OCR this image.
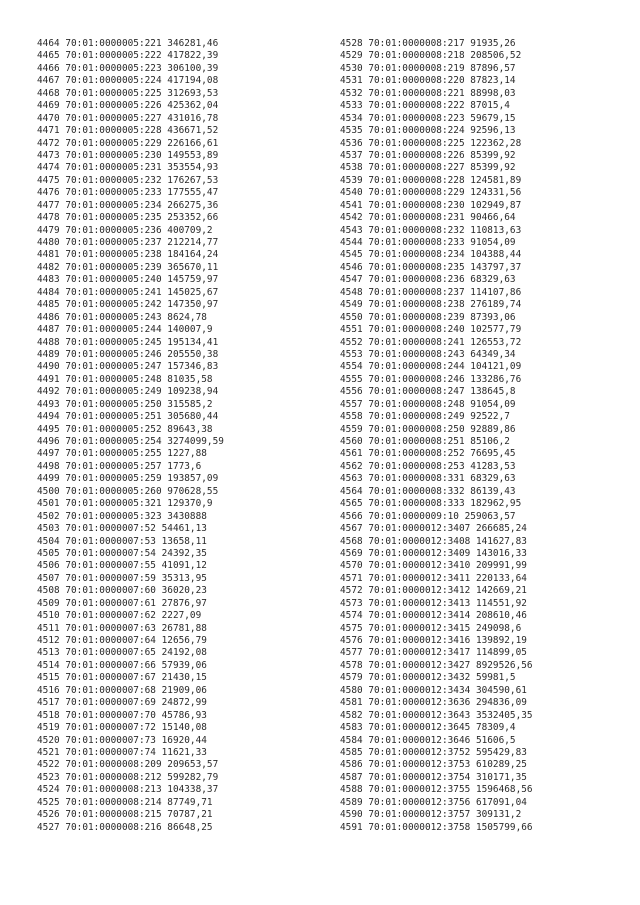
4464 70:01:0000005:221 346281,46
4465 70:01:0000005:222 417822,39
4466 70:01:0000005:223 306100,39
4467 70:01:0000005:224 417194,08
4468 70:01:0000005:225 312693,53
4469 70:01:0000005:226 425362,04
4470 70:01:0000005:227 431016,78
4471 70:01:0000005:228 436671,52
4472 70:01:0000005:229 226166,61
4473 70:01:0000005:230 149553,89
4474 70:01:0000005:231 353554,93
4475 70:01:0000005:232 176267,53
4476 70:01:0000005:233 177555,47
4477 70:01:0000005:234 266275,36
4478 70:01:0000005:235 253352,66
4479 70:01:0000005:236 400709,2
4480 70:01:0000005:237 212214,77
4481 70:01:0000005:238 184164,24
4482 70:01:0000005:239 365670,11
4483 70:01:0000005:240 145759,97
4484 70:01:0000005:241 145025,67
4485 70:01:0000005:242 147350,97
4486 70:01:0000005:243 8624,78
4487 70:01:0000005:244 140007,9
4488 70:01:0000005:245 195134,41
4489 70:01:0000005:246 205550,38
4490 70:01:0000005:247 157346,83
4491 70:01:0000005:248 81035,58
4492 70:01:0000005:249 109238,94
4493 70:01:0000005:250 315585,2
4494 70:01:0000005:251 305680,44
4495 70:01:0000005:252 89643,38
4496 70:01:0000005:254 3274099,59
4497 70:01:0000005:255 1227,88
4498 70:01:0000005:257 1773,6
4499 70:01:0000005:259 193857,09
4500 70:01:0000005:260 970628,55
4501 70:01:0000005:321 129370,9
4502 70:01:0000005:323 3430888
4503 70:01:0000007:52 54461,13
4504 70:01:0000007:53 13658,11
4505 70:01:0000007:54 24392,35
4506 70:01:0000007:55 41091,12
4507 70:01:0000007:59 35313,95
4508 70:01:0000007:60 36020,23
4509 70:01:0000007:61 27876,97
4510 70:01:0000007:62 2227,09
4511 70:01:0000007:63 26781,88
4512 70:01:0000007:64 12656,79
4513 70:01:0000007:65 24192,08
4514 70:01:0000007:66 57939,06
4515 70:01:0000007:67 21430,15
4516 70:01:0000007:68 21909,06
4517 70:01:0000007:69 24872,99
4518 70:01:0000007:70 45786,93
4519 70:01:0000007:72 15140,08
4520 70:01:0000007:73 16920,44
4521 70:01:0000007:74 11621,33
4522 70:01:0000008:209 209653,57
4523 70:01:0000008:212 599282,79
4524 70:01:0000008:213 104338,37
4525 70:01:0000008:214 87749,71
4526 70:01:0000008:215 70787,21
4527 70:01:0000008:216 86648,25
4528 70:01:0000008:217 91935,26
4529 70:01:0000008:218 208506,52
4530 70:01:0000008:219 87896,57
4531 70:01:0000008:220 87823,14
4532 70:01:0000008:221 88998,03
4533 70:01:0000008:222 87015,4
4534 70:01:0000008:223 59679,15
4535 70:01:0000008:224 92596,13
4536 70:01:0000008:225 122362,28
4537 70:01:0000008:226 85399,92
4538 70:01:0000008:227 85399,92
4539 70:01:0000008:228 124581,89
4540 70:01:0000008:229 124331,56
4541 70:01:0000008:230 102949,87
4542 70:01:0000008:231 90466,64
4543 70:01:0000008:232 110813,63
4544 70:01:0000008:233 91054,09
4545 70:01:0000008:234 104388,44
4546 70:01:0000008:235 143797,37
4547 70:01:0000008:236 68329,63
4548 70:01:0000008:237 114107,86
4549 70:01:0000008:238 276189,74
4550 70:01:0000008:239 87393,06
4551 70:01:0000008:240 102577,79
4552 70:01:0000008:241 126553,72
4553 70:01:0000008:243 64349,34
4554 70:01:0000008:244 104121,09
4555 70:01:0000008:246 133286,76
4556 70:01:0000008:247 138645,8
4557 70:01:0000008:248 91054,09
4558 70:01:0000008:249 92522,7
4559 70:01:0000008:250 92889,86
4560 70:01:0000008:251 85106,2
4561 70:01:0000008:252 76695,45
4562 70:01:0000008:253 41283,53
4563 70:01:0000008:331 68329,63
4564 70:01:0000008:332 86139,43
4565 70:01:0000008:333 182962,95
4566 70:01:0000009:10 259063,57
4567 70:01:0000012:3407 266685,24
4568 70:01:0000012:3408 141627,83
4569 70:01:0000012:3409 143016,33
4570 70:01:0000012:3410 209991,99
4571 70:01:0000012:3411 220133,64
4572 70:01:0000012:3412 142669,21
4573 70:01:0000012:3413 114551,92
4574 70:01:0000012:3414 208610,46
4575 70:01:0000012:3415 249098,6
4576 70:01:0000012:3416 139892,19
4577 70:01:0000012:3417 114899,05
4578 70:01:0000012:3427 8929526,56
4579 70:01:0000012:3432 59981,5
4580 70:01:0000012:3434 304590,61
4581 70:01:0000012:3636 294836,09
4582 70:01:0000012:3643 3532405,35
4583 70:01:0000012:3645 78309,4
4584 70:01:0000012:3646 51606,5
4585 70:01:0000012:3752 595429,83
4586 70:01:0000012:3753 610289,25
4587 70:01:0000012:3754 310171,35
4588 70:01:0000012:3755 1596468,56
4589 70:01:0000012:3756 617091,04
4590 70:01:0000012:3757 309131,2
4591 70:01:0000012:3758 1505799,66
